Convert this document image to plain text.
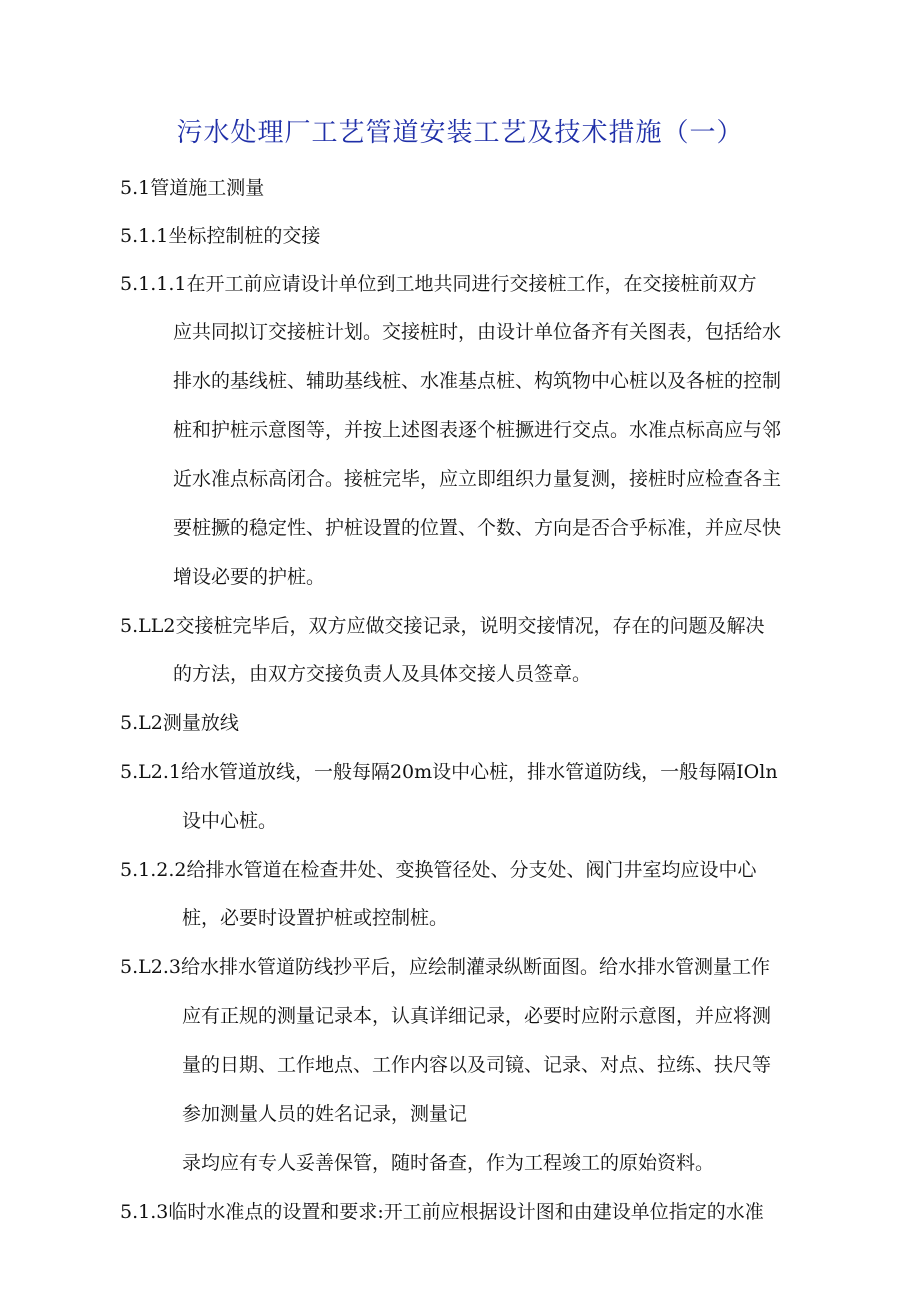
污水处理厂工艺管道安装工艺及技术措施（一）
5.1管道施工测量
5.1.1坐标控制桩的交接
5.1.1.1在开工前应请设计单位到工地共同进行交接桩工作，在交接桩前双方
应共同拟订交接桩计划。交接桩时，由设计单位备齐有关图表，包括给水
排水的基线桩、辅助基线桩、水准基点桩、构筑物中心桩以及各桩的控制
桩和护桩示意图等，并按上述图表逐个桩撅进行交点。水准点标高应与邻
近水准点标高闭合。接桩完毕，应立即组织力量复测，接桩时应检查各主
要桩撅的稳定性、护桩设置的位置、个数、方向是否合乎标准，并应尽快
增设必要的护桩。
5.LL2交接桩完毕后，双方应做交接记录，说明交接情况，存在的问题及解决
的方法，由双方交接负责人及具体交接人员签章。
5.L2测量放线
5.L2.1给水管道放线，一般每隔20m设中心桩，排水管道防线，一般每隔IOln
设中心桩。
5.1.2.2给排水管道在检查井处、变换管径处、分支处、阀门井室均应设中心
桩，必要时设置护桩或控制桩。
5.L2.3给水排水管道防线抄平后，应绘制灌录纵断面图。给水排水管测量工作
应有正规的测量记录本，认真详细记录，必要时应附示意图，并应将测
量的日期、工作地点、工作内容以及司镜、记录、对点、拉练、扶尺等
参加测量人员的姓名记录，测量记
录均应有专人妥善保管，随时备查，作为工程竣工的原始资料。
5.1.3临时水准点的设置和要求:开工前应根据设计图和由建设单位指定的水准
